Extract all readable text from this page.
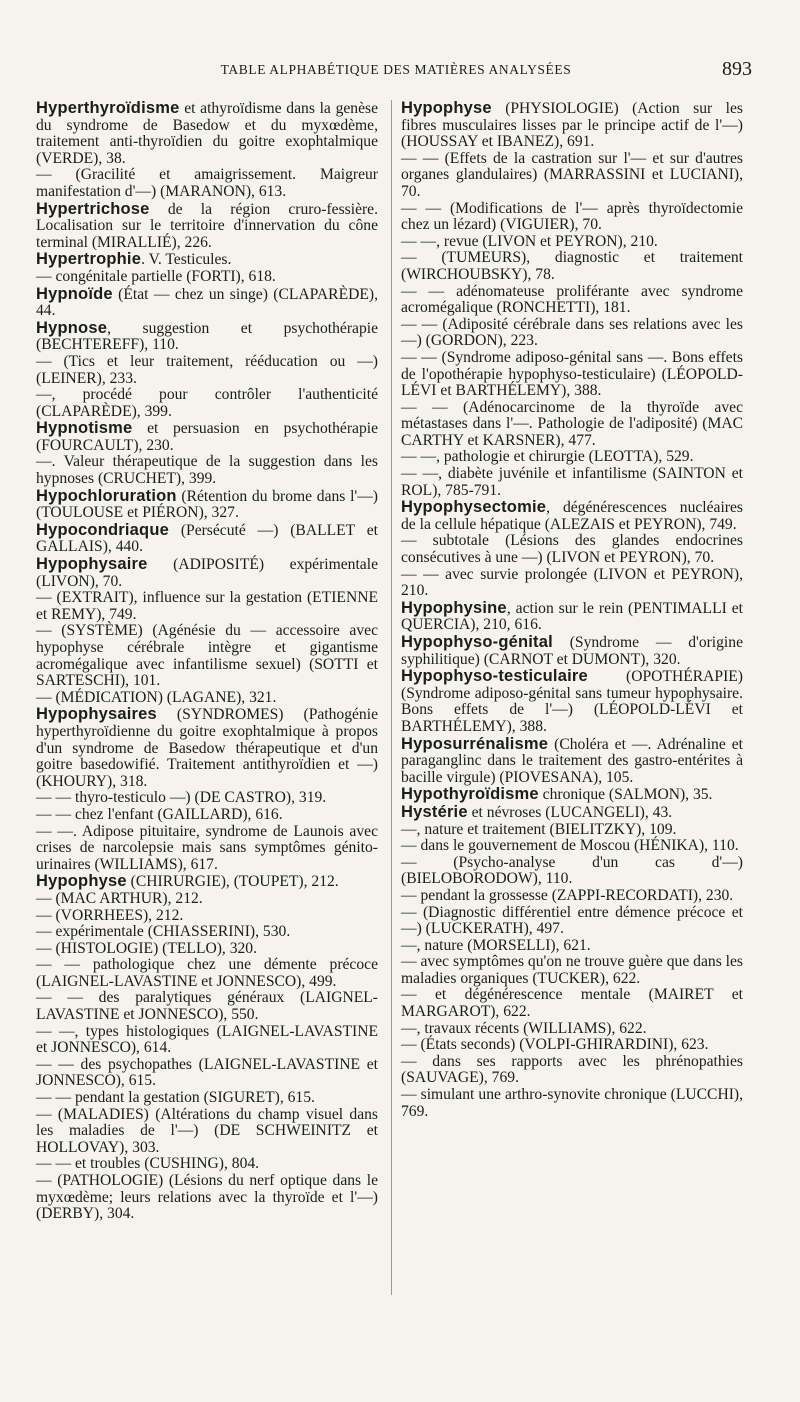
TABLE ALPHABÉTIQUE DES MATIÈRES ANALYSÉES	893

Hyperthyroïdisme et athyroïdisme dans la genèse du syndrome de Basedow et du myxœdème, traitement anti-thyroïdien du goitre exophtalmique (VERDE), 38.

— (Gracilité et amaigrissement. Maigreur manifestation d'—) (MARANON), 613.

Hypertrichose de la région cruro-fessière. Localisation sur le territoire d'innervation du cône terminal (MIRALLIÉ), 226.

Hypertrophie. V. Testicules.

— congénitale partielle (FORTI), 618.

Hypnoïde (État — chez un singe) (CLAPARÈDE), 44.

Hypnose, suggestion et psychothérapie (BECHTEREFF), 110.

— (Tics et leur traitement, rééducation ou —) (LEINER), 233.

—, procédé pour contrôler l'authenticité (CLAPARÈDE), 399.

Hypnotisme et persuasion en psychothérapie (FOURCAULT), 230.

—. Valeur thérapeutique de la suggestion dans les hypnoses (CRUCHET), 399.

Hypochloruration (Rétention du brome dans l'—) (TOULOUSE et PIÉRON), 327.

Hypocondriaque (Persécuté —) (BALLET et GALLAIS), 440.

Hypophysaire (ADIPOSITÉ) expérimentale (LIVON), 70.

— (EXTRAIT), influence sur la gestation (ETIENNE et REMY), 749.

— (SYSTÈME) (Agénésie du — accessoire avec hypophyse cérébrale intègre et gigantisme acromégalique avec infantilisme sexuel) (SOTTI et SARTESCHI), 101.

— (MÉDICATION) (LAGANE), 321.

Hypophysaires (SYNDROMES) (Pathogénie hyperthyroïdienne du goitre exophtalmique à propos d'un syndrome de Basedow thérapeutique et d'un goitre basedowifié. Traitement antithyroïdien et —) (KHOURY), 318.

— — thyro-testiculo —) (DE CASTRO), 319.

— — chez l'enfant (GAILLARD), 616.

— —. Adipose pituitaire, syndrome de Launois avec crises de narcolepsie mais sans symptômes génito-urinaires (WILLIAMS), 617.

Hypophyse (CHIRURGIE), (TOUPET), 212.

— (MAC ARTHUR), 212.

— (VORRHEES), 212.

— expérimentale (CHIASSERINI), 530.

— (HISTOLOGIE) (TELLO), 320.

— — pathologique chez une démente précoce (LAIGNEL-LAVASTINE et JONNESCO), 499.

— — des paralytiques généraux (LAIGNEL-LAVASTINE et JONNESCO), 550.

— —, types histologiques (LAIGNEL-LAVASTINE et JONNESCO), 614.

— — des psychopathes (LAIGNEL-LAVASTINE et JONNESCO), 615.

— — pendant la gestation (SIGURET), 615.

— (MALADIES) (Altérations du champ visuel dans les maladies de l'—) (DE SCHWEINITZ et HOLLOVAY), 303.

— — et troubles (CUSHING), 804.

— (PATHOLOGIE) (Lésions du nerf optique dans le myxœdème; leurs relations avec la thyroïde et l'—) (DERBY), 304.

Hypophyse (PHYSIOLOGIE) (Action sur les fibres musculaires lisses par le principe actif de l'—) (HOUSSAY et IBANEZ), 691.

— — (Effets de la castration sur l'— et sur d'autres organes glandulaires) (MARRASSINI et LUCIANI), 70.

— — (Modifications de l'— après thyroïdectomie chez un lézard) (VIGUIER), 70.

— —, revue (LIVON et PEYRON), 210.

— (TUMEURS), diagnostic et traitement (WIRCHOUBSKY), 78.

— — adénomateuse proliférante avec syndrome acromégalique (RONCHETTI), 181.

— — (Adiposité cérébrale dans ses relations avec les —) (GORDON), 223.

— — (Syndrome adiposo-génital sans —. Bons effets de l'opothérapie hypophyso-testiculaire) (LÉOPOLD-LÉVI et BARTHÉLEMY), 388.

— — (Adénocarcinome de la thyroïde avec métastases dans l'—. Pathologie de l'adiposité) (MAC CARTHY et KARSNER), 477.

— —, pathologie et chirurgie (LEOTTA), 529.

— —, diabète juvénile et infantilisme (SAINTON et ROL), 785-791.

Hypophysectomie, dégénérescences nucléaires de la cellule hépatique (ALEZAIS et PEYRON), 749.

— subtotale (Lésions des glandes endocrines consécutives à une —) (LIVON et PEYRON), 70.

— — avec survie prolongée (LIVON et PEYRON), 210.

Hypophysine, action sur le rein (PENTIMALLI et QUERCIA), 210, 616.

Hypophyso-génital (Syndrome — d'origine syphilitique) (CARNOT et DUMONT), 320.

Hypophyso-testiculaire (OPOTHÉRAPIE) (Syndrome adiposo-génital sans tumeur hypophysaire. Bons effets de l'—) (LÉOPOLD-LÉVI et BARTHÉLEMY), 388.

Hyposurrénalisme (Choléra et —. Adrénaline et paraganglinc dans le traitement des gastro-entérites à bacille virgule) (PIOVESANA), 105.

Hypothyroïdisme chronique (SALMON), 35.

Hystérie et névroses (LUCANGELI), 43.

—, nature et traitement (BIELITZKY), 109.

— dans le gouvernement de Moscou (HÉNIKA), 110.

— (Psycho-analyse d'un cas d'—) (BIELOBORODOW), 110.

— pendant la grossesse (ZAPPI-RECORDATI), 230.

— (Diagnostic différentiel entre démence précoce et —) (LUCKERATH), 497.

—, nature (MORSELLI), 621.

— avec symptômes qu'on ne trouve guère que dans les maladies organiques (TUCKER), 622.

— et dégénérescence mentale (MAIRET et MARGAROT), 622.

—, travaux récents (WILLIAMS), 622.

— (États seconds) (VOLPI-GHIRARDINI), 623.

— dans ses rapports avec les phrénopathies (SAUVAGE), 769.

— simulant une arthro-synovite chronique (LUCCHI), 769.
